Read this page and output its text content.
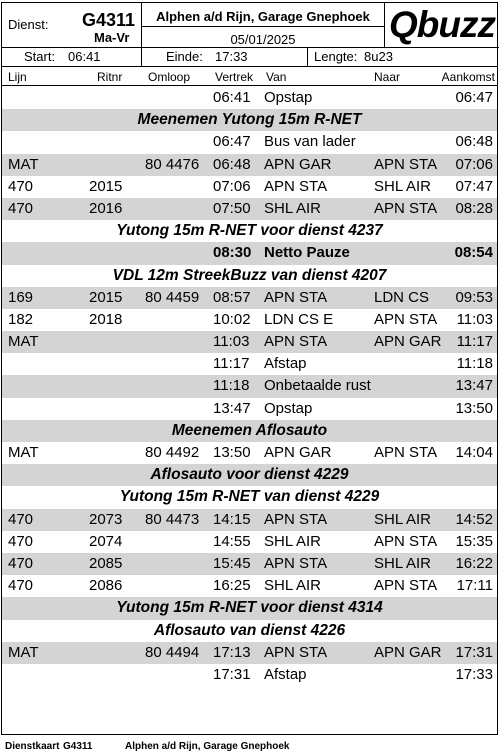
Dienst: G4311
Ma-Vr
Alphen a/d Rijn, Garage Gnephoek
05/01/2025	Qbuzz
Start: 06:41	Einde: 17:33	Lengte: 8u23
Lijn	Ritnr Omloop Vertrek Van	Naar	Aankomst
06:41 Opstap	06:47
Meenemen Yutong 15m R-NET
06:47 Bus van lader	06:48
MAT	80 4476 06:48 APN GAR	APN STA 07:06
470	2015	07:06 APN STA	SHL AIR 07:47
470	2016	07:50 SHL AIR	APN STA 08:28
Yutong 15m R-NET voor dienst 4237
08:30 Netto Pauze	08:54
VDL 12m StreekBuzz van dienst 4207
169	2015 80 4459 08:57 APN STA	LDN CS 09:53
182	2018	10:02 LDN CS E	APN STA 11:03
MAT	11:03 APN STA	APN GAR 11:17
11:17 Afstap	11:18
11:18 Onbetaalde rust	13:47
13:47 Opstap	13:50
Meenemen Aflosauto
MAT	80 4492 13:50 APN GAR	APN STA 14:04
Aflosauto voor dienst 4229
Yutong 15m R-NET van dienst 4229
470	2073 80 4473 14:15 APN STA	SHL AIR 14:52
470	2074	14:55 SHL AIR	APN STA 15:35
470	2085	15:45 APN STA	SHL AIR 16:22
470	2086	16:25 SHL AIR	APN STA 17:11
Yutong 15m R-NET voor dienst 4314
Aflosauto van dienst 4226
MAT	80 4494 17:13 APN STA	APN GAR 17:31
17:31 Afstap	17:33
Dienstkaart G4311	Alphen a/d Rijn, Garage Gnephoek
